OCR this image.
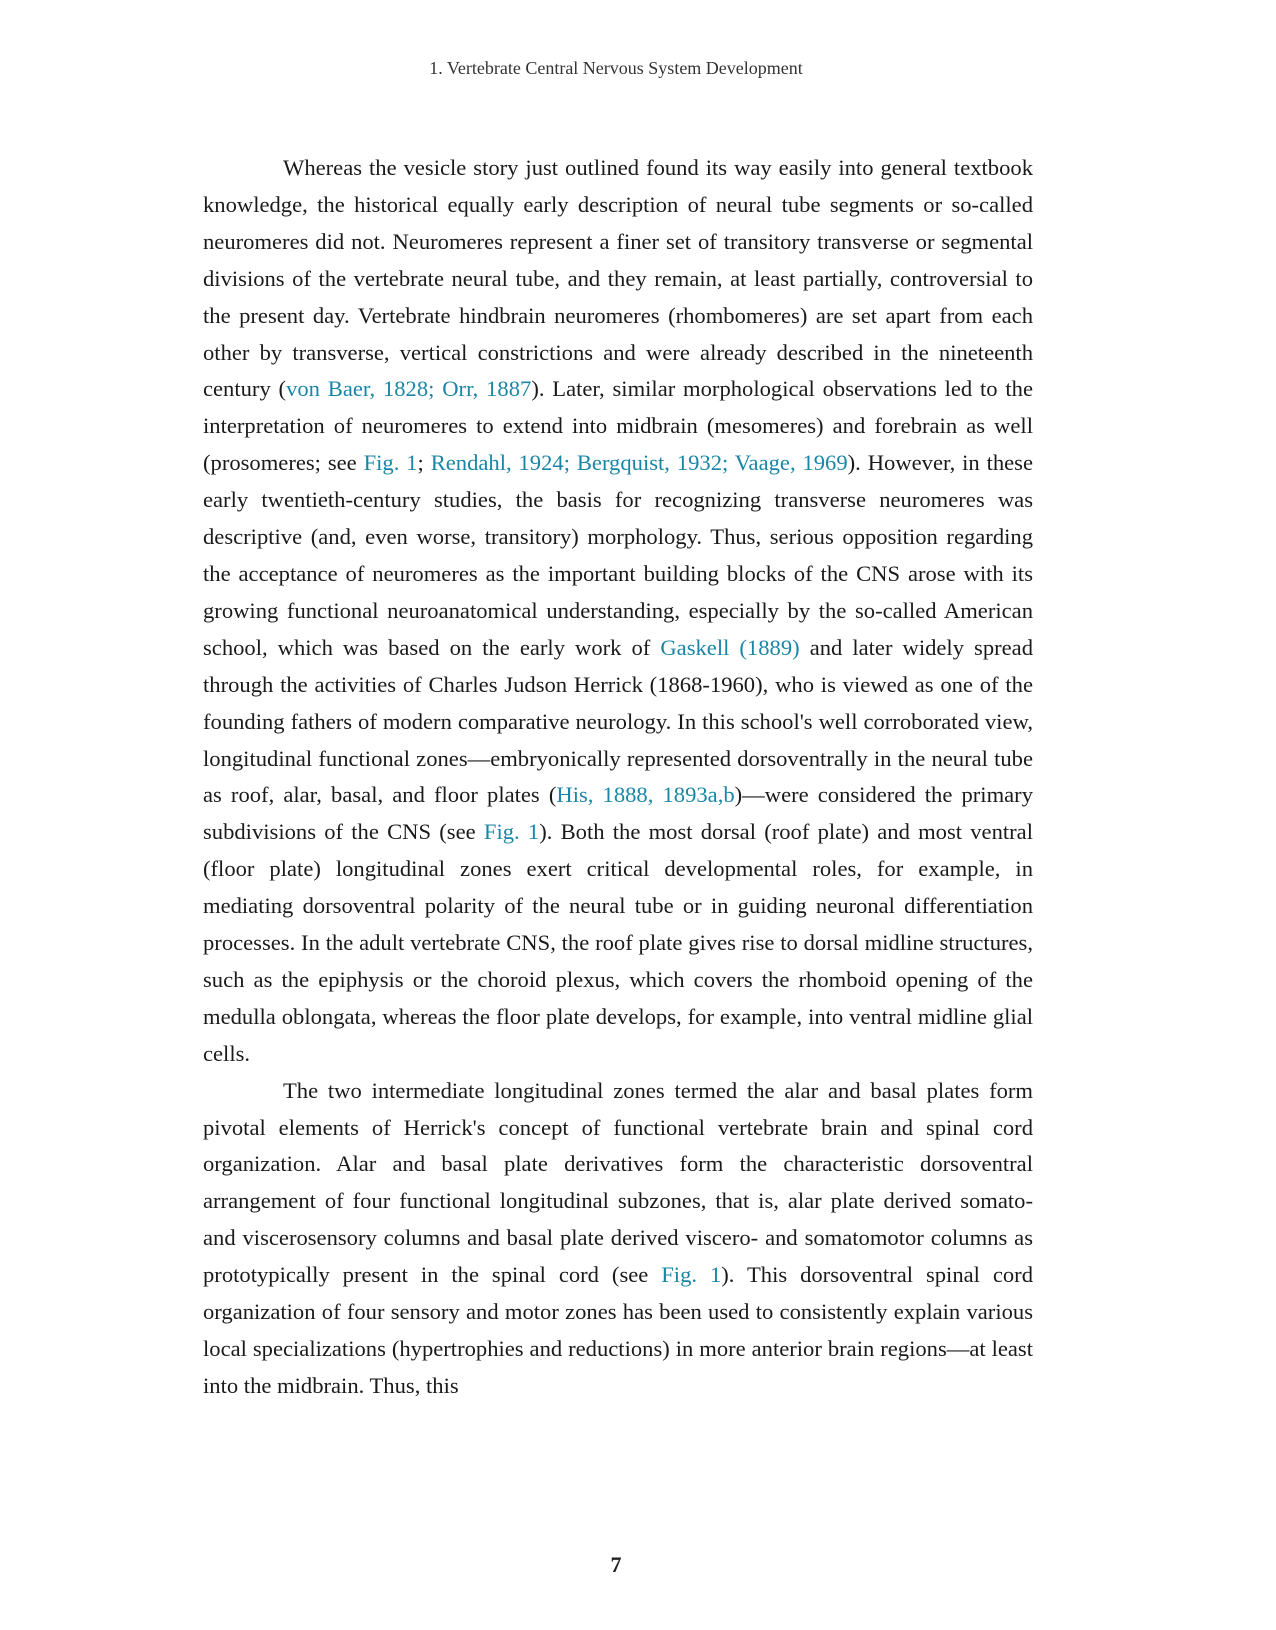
1. Vertebrate Central Nervous System Development

Whereas the vesicle story just outlined found its way easily into general textbook knowledge, the historical equally early description of neural tube segments or so-called neuromeres did not. Neuromeres represent a finer set of transitory transverse or segmental divisions of the vertebrate neural tube, and they remain, at least partially, controversial to the present day. Vertebrate hindbrain neuromeres (rhombomeres) are set apart from each other by transverse, vertical constrictions and were already described in the nineteenth century (von Baer, 1828; Orr, 1887). Later, similar morphological observations led to the interpretation of neuromeres to extend into midbrain (mesomeres) and forebrain as well (prosomeres; see Fig. 1; Rendahl, 1924; Bergquist, 1932; Vaage, 1969). However, in these early twentieth-century studies, the basis for recognizing transverse neuromeres was descriptive (and, even worse, transitory) morphology. Thus, serious opposition regarding the acceptance of neuromeres as the important building blocks of the CNS arose with its growing functional neuroanatomical understanding, especially by the so-called American school, which was based on the early work of Gaskell (1889) and later widely spread through the activities of Charles Judson Herrick (1868-1960), who is viewed as one of the founding fathers of modern comparative neurology. In this school's well corroborated view, longitudinal functional zones—embryonically represented dorsoventrally in the neural tube as roof, alar, basal, and floor plates (His, 1888, 1893a,b)—were considered the primary subdivisions of the CNS (see Fig. 1). Both the most dorsal (roof plate) and most ventral (floor plate) longitudinal zones exert critical developmental roles, for example, in mediating dorsoventral polarity of the neural tube or in guiding neuronal differentiation processes. In the adult vertebrate CNS, the roof plate gives rise to dorsal midline structures, such as the epiphysis or the choroid plexus, which covers the rhomboid opening of the medulla oblongata, whereas the floor plate develops, for example, into ventral midline glial cells.

The two intermediate longitudinal zones termed the alar and basal plates form pivotal elements of Herrick's concept of functional vertebrate brain and spinal cord organization. Alar and basal plate derivatives form the characteristic dorsoventral arrangement of four functional longitudinal subzones, that is, alar plate derived somato- and viscerosensory columns and basal plate derived viscero- and somatomotor columns as prototypically present in the spinal cord (see Fig. 1). This dorsoventral spinal cord organization of four sensory and motor zones has been used to consistently explain various local specializations (hypertrophies and reductions) in more anterior brain regions—at least into the midbrain. Thus, this

7
